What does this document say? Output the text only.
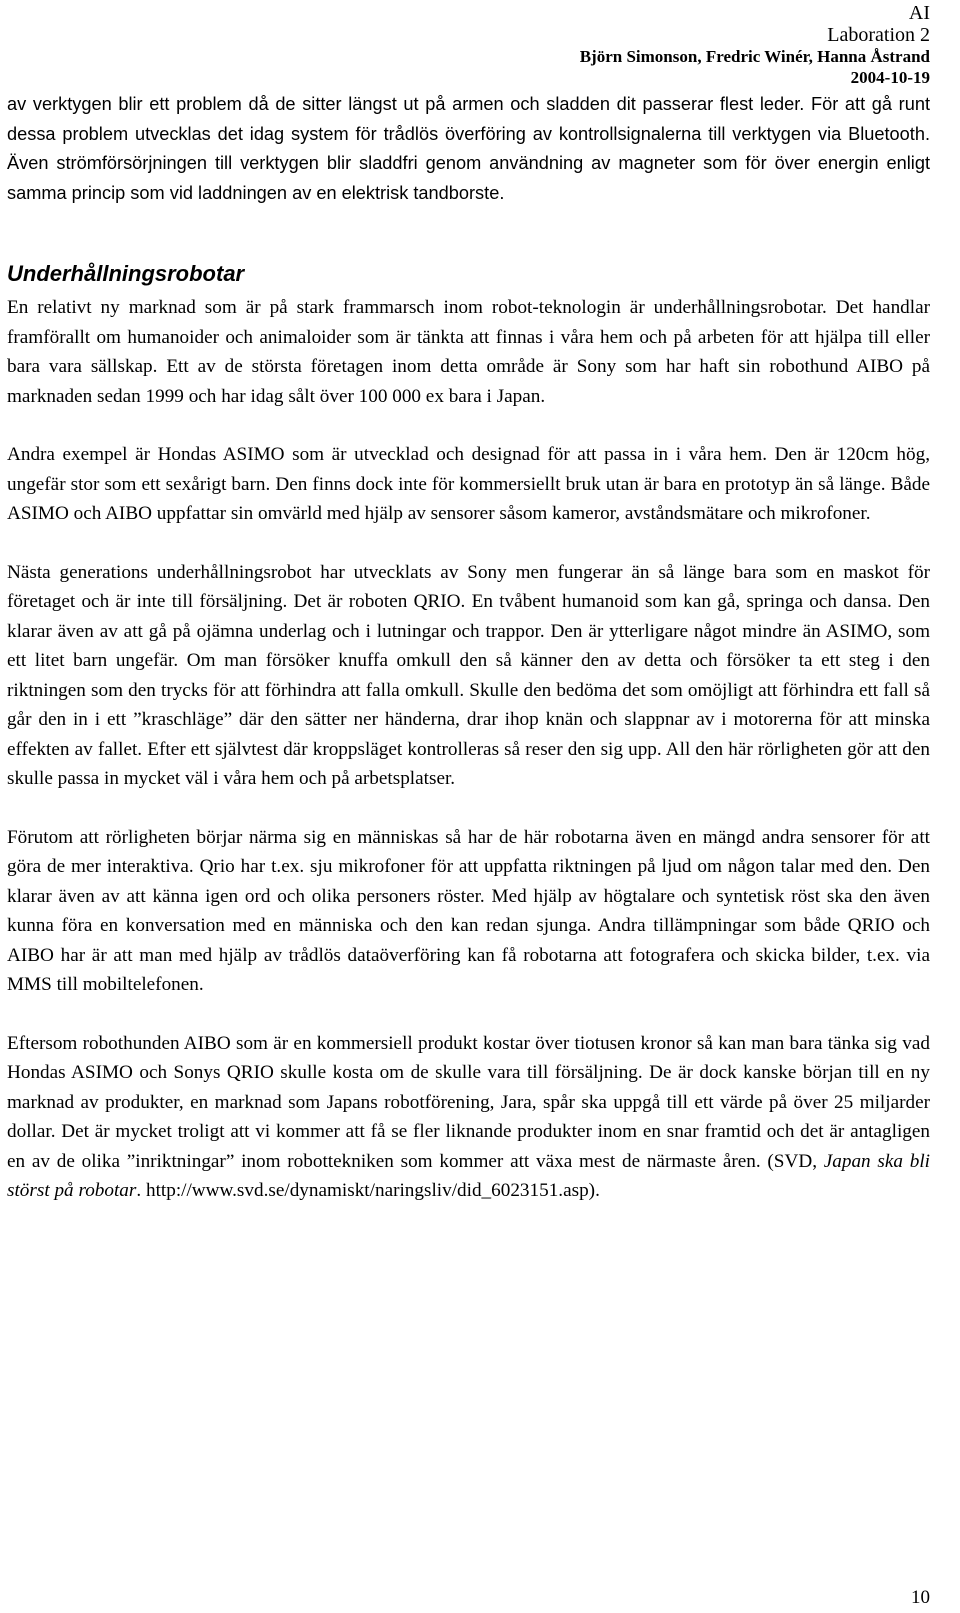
AI
Laboration 2
Björn Simonson, Fredric Winér, Hanna Åstrand
2004-10-19

av verktygen blir ett problem då de sitter längst ut på armen och sladden dit passerar flest leder. För att gå runt dessa problem utvecklas det idag system för trådlös överföring av kontrollsignalerna till verktygen via Bluetooth. Även strömförsörjningen till verktygen blir sladdfri genom användning av magneter som för över energin enligt samma princip som vid laddningen av en elektrisk tandborste.

Underhållningsrobotar

En relativt ny marknad som är på stark frammarsch inom robot-teknologin är underhållningsrobotar. Det handlar framförallt om humanoider och animaloider som är tänkta att finnas i våra hem och på arbeten för att hjälpa till eller bara vara sällskap. Ett av de största företagen inom detta område är Sony som har haft sin robothund AIBO på marknaden sedan 1999 och har idag sålt över 100 000 ex bara i Japan.

Andra exempel är Hondas ASIMO som är utvecklad och designad för att passa in i våra hem. Den är 120cm hög, ungefär stor som ett sexårigt barn. Den finns dock inte för kommersiellt bruk utan är bara en prototyp än så länge. Både ASIMO och AIBO uppfattar sin omvärld med hjälp av sensorer såsom kameror, avståndsmätare och mikrofoner.

Nästa generations underhållningsrobot har utvecklats av Sony men fungerar än så länge bara som en maskot för företaget och är inte till försäljning. Det är roboten QRIO. En tvåbent humanoid som kan gå, springa och dansa. Den klarar även av att gå på ojämna underlag och i lutningar och trappor. Den är ytterligare något mindre än ASIMO, som ett litet barn ungefär. Om man försöker knuffa omkull den så känner den av detta och försöker ta ett steg i den riktningen som den trycks för att förhindra att falla omkull. Skulle den bedöma det som omöjligt att förhindra ett fall så går den in i ett ”kraschläge” där den sätter ner händerna, drar ihop knän och slappnar av i motorerna för att minska effekten av fallet. Efter ett självtest där kroppsläget kontrolleras så reser den sig upp. All den här rörligheten gör att den skulle passa in mycket väl i våra hem och på arbetsplatser.

Förutom att rörligheten börjar närma sig en människas så har de här robotarna även en mängd andra sensorer för att göra de mer interaktiva. Qrio har t.ex. sju mikrofoner för att uppfatta riktningen på ljud om någon talar med den. Den klarar även av att känna igen ord och olika personers röster. Med hjälp av högtalare och syntetisk röst ska den även kunna föra en konversation med en människa och den kan redan sjunga. Andra tillämpningar som både QRIO och AIBO har är att man med hjälp av trådlös dataöverföring kan få robotarna att fotografera och skicka bilder, t.ex. via MMS till mobiltelefonen.

Eftersom robothunden AIBO som är en kommersiell produkt kostar över tiotusen kronor så kan man bara tänka sig vad Hondas ASIMO och Sonys QRIO skulle kosta om de skulle vara till försäljning. De är dock kanske början till en ny marknad av produkter, en marknad som Japans robotförening, Jara, spår ska uppgå till ett värde på över 25 miljarder dollar. Det är mycket troligt att vi kommer att få se fler liknande produkter inom en snar framtid och det är antagligen en av de olika ”inriktningar” inom robottekniken som kommer att växa mest de närmaste åren. (SVD, Japan ska bli störst på robotar. http://www.svd.se/dynamiskt/naringsliv/did_6023151.asp).

10
